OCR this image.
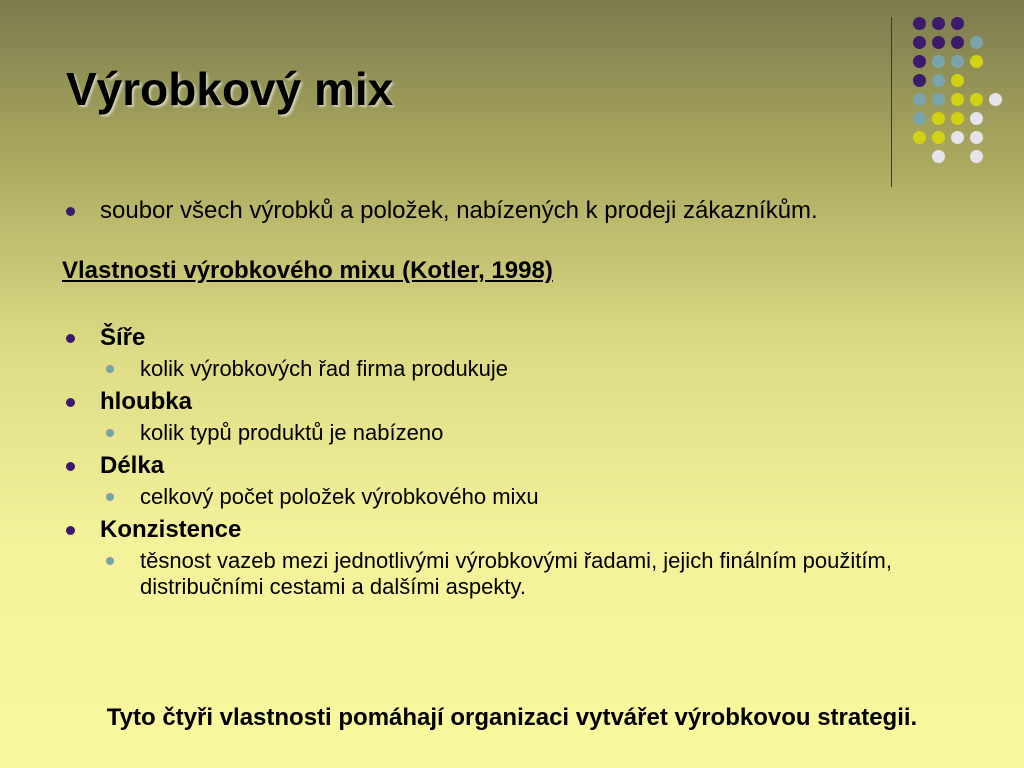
Výrobkový mix
soubor všech výrobků a položek, nabízených k prodeji zákazníkům.
Vlastnosti výrobkového mixu (Kotler, 1998)
Šíře
kolik výrobkových řad firma produkuje
hloubka
kolik typů produktů je nabízeno
Délka
celkový počet položek výrobkového mixu
Konzistence
těsnost vazeb mezi jednotlivými výrobkovými řadami, jejich finálním použitím, distribučními cestami a dalšími aspekty.
Tyto čtyři vlastnosti pomáhají organizaci vytvářet výrobkovou strategii.
